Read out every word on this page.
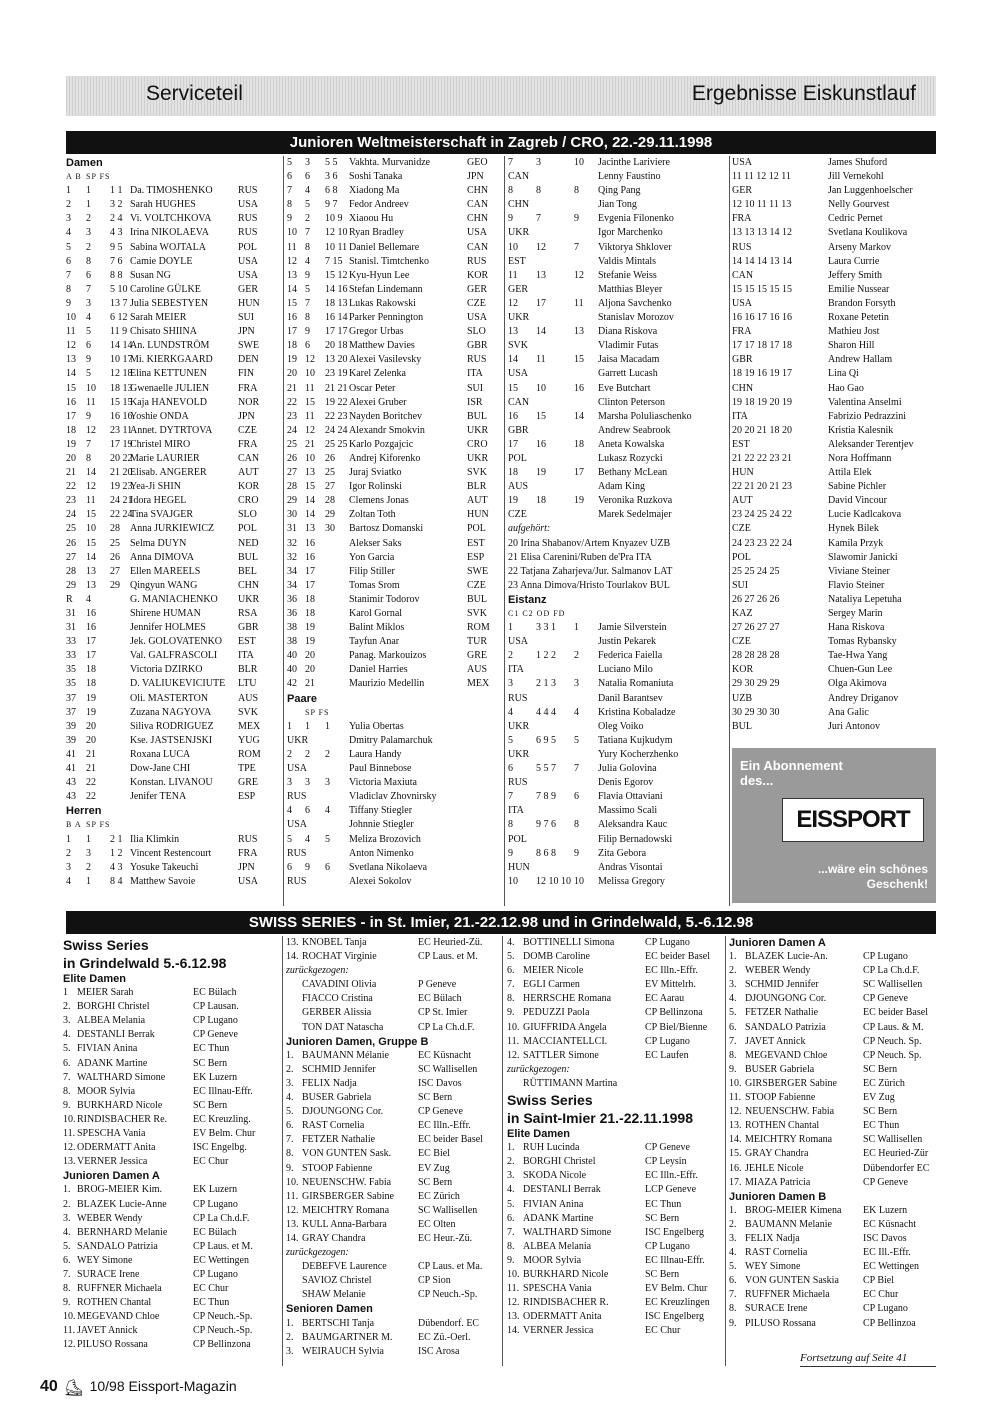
Serviceteil	Ergebnisse Eiskunstlauf
Junioren Weltmeisterschaft in Zagreb / CRO, 22.-29.11.1998
SWISS SERIES - in St. Imier, 21.-22.12.98 und in Grindelwald, 5.-6.12.98
Damen
A B SP FS
1 1 1 1 Da. TIMOSHENKO	RUS
2 1 3 2 Sarah HUGHES	USA
3 2 2 4 Vi. VOLTCHKOVA	RUS
4 3 4 3 Irina NIKOLAEVA	RUS
5 2 9 5 Sabina WOJTALA	POL
6 8 7 6 Camie DOYLE	USA
7 6 8 8 Susan NG	USA
8 7 5 10 Caroline GÜLKE	GER
9 3 13 7 Julia SEBESTYEN	HUN
10 4 6 12 Sarah MEIER	SUI
11 5 11 9 Chisato SHIINA	JPN
12 6 14 14An. LUNDSTRÖM	SWE
13 9 10 17Mi. KIERKGAARD	DEN
14 5 12 18Elina KETTUNEN	FIN
15 10 18 13Gwenaelle JULIEN	FRA
16 11 15 15Kaja HANEVOLD	NOR
17 9 16 16Yoshie ONDA	JPN
18 12 23 11Annet. DYTRTOVA	CZE
19 7 17 19Christel MIRO	FRA
20 8 20 22Marie LAURIER	CAN
21 14 21 20Elisab. ANGERER	AUT
22 12 19 23Yea-Ji SHIN	KOR
23 11 24 21Idora HEGEL	CRO
24 15 22 24Tina SVAJGER	SLO
25 10 28 Anna JURKIEWICZ POL
26 15 25 Selma DUYN	NED
27 14 26 Anna DIMOVA	BUL
28 13 27 Ellen MAREELS	BEL
29 13 29 Qingyun WANG	CHN
R 4	G. MANIACHENKO UKR
31 16	Shirene HUMAN	RSA
31 16	Jennifer HOLMES	GBR
33 17	Jek. GOLOVATENKO EST
33 17	Val. GALFRASCOLI ITA
35 18	Victoria DZIRKO	BLR
35 18	D. VALIUKEVICIUTE LTU
37 19	Oli. MASTERTON	AUS
37 19	Zuzana NAGYOVA	SVK
39 20	Siliva RODRIGUEZ MEX
39 20	Kse. JASTSENJSKI	YUG
41 21	Roxana LUCA	ROM
41 21	Dow-Jane CHI	TPE
43 22	Konstan. LIVANOU	GRE
43 22	Jenifer TENA	ESP
Herren
B A SP FS
1 1 2 1 Ilia Klimkin	RUS
2 3 1 2 Vincent Restencourt	FRA
3 2 4 3 Yosuke Takeuchi	JPN
4 1 8 4 Matthew Savoie	USA
5 3 5 5 Vakhta. Murvanidze	GEO
6 6 3 6 Soshi Tanaka	JPN
7 4 6 8 Xiadong Ma	CHN
8 5 9 7 Fedor Andreev	CAN
9 2 10 9 Xiaoou Hu	CHN
10 7 12 10 Ryan Bradley	USA
11 8 10 11 Daniel Bellemare	CAN
12 4 7 15 Stanisl. Timtchenko	RUS
13 9 15 12 Kyu-Hyun Lee	KOR
14 5 14 16 Stefan Lindemann	GER
15 7 18 13 Lukas Rakowski	CZE
16 8 16 14 Parker Pennington	USA
17 9 17 17 Gregor Urbas	SLO
18 6 20 18 Matthew Davies	GBR
19 12 13 20 Alexei Vasilevsky	RUS
20 10 23 19 Karel Zelenka	ITA
21 11 21 21 Oscar Peter	SUI
22 15 19 22 Alexei Gruber	ISR
23 11 22 23 Nayden Boritchev	BUL
24 12 24 24 Alexandr Smokvin	UKR
25 21 25 25 Karlo Pozgajcic	CRO
26 10 26 Andrej Kiforenko	UKR
27 13 25 Juraj Sviatko	SVK
28 15 27 Igor Rolinski	BLR
29 14 28 Clemens Jonas	AUT
30 14 29 Zoltan Toth	HUN
31 13 30 Bartosz Domanski	POL
32 16	Alekser Saks	EST
32 16	Yon Garcia	ESP
34 17	Filip Stiller	SWE
34 17	Tomas Srom	CZE
36 18	Stanimir Todorov	BUL
36 18	Karol Gornal	SVK
38 19	Balint Miklos	ROM
38 19	Tayfun Anar	TUR
40 20	Panag. Markouizos	GRE
40 20	Daniel Harries	AUS
42 21	Maurizio Medellin	MEX
Paare
SP FS
1 1 1 Yulia Obertas
UKR	Dmitry Palamarchuk
2 2 2 Laura Handy
USA	Paul Binnebose
3 3 3 Victoria Maxiuta
RUS	Vladiclav Zhovnirsky
4 6 4 Tiffany Stiegler
USA	Johnnie Stiegler
5 4 5 Meliza Brozovich
RUS	Anton Nimenko
6 9 6 Svetlana Nikolaeva
RUS	Alexei Sokolov
7 3	10 Jacinthe Lariviere
CAN	Lenny Faustino
8 8	8 Qing Pang
CHN	Jian Tong
9 7	9 Evgenia Filonenko
UKR	Igor Marchenko
10 12	7 Viktorya Shklover
EST	Valdis Mintals
11 13	12 Stefanie Weiss
GER	Matthias Bleyer
12 17	11 Aljona Savchenko
UKR	Stanislav Morozov
13 14	13 Diana Riskova
SVK	Vladimir Futas
14 11	15 Jaisa Macadam
USA	Garrett Lucash
15 10	16 Eve Butchart
CAN	Clinton Peterson
16 15	14 Marsha Poluliaschenko
GBR	Andrew Seabrook
17 16	18 Aneta Kowalska
POL	Lukasz Rozycki
18 19	17 Bethany McLean
AUS	Adam King
19 18	19 Veronika Ruzkova
CZE	Marek Sedelmajer
aufgehört:
20 Irina Shabanov/Artem Knyazev UZB
21 Elisa Carenini/Ruben de'Pra ITA
22 Tatjana Zaharjeva/Jur. Salmanov LAT
23 Anna Dimova/Hristo Tourlakov BUL
Eistanz
C1 C2 OD FD
1 3 3 1 1 Jamie Silverstein
USA	Justin Pekarek
2 1 2 2 2 Federica Faiella
ITA	Luciano Milo
3 2 1 3 3 Natalia Romaniuta
RUS	Danil Barantsev
4 4 4 4 4 Kristina Kobaladze
UKR	Oleg Voiko
5 6 9 5 5 Tatiana Kujkudym
UKR	Yury Kocherzhenko
6 5 5 7 7 Julia Golovina
RUS	Denis Egorov
7 7 8 9 6 Flavia Ottaviani
ITA	Massimo Scali
8 9 7 6 8 Aleksandra Kauc
POL	Filip Bernadowski
9 8 6 8 9 Zita Gebora
HUN	Andras Visontai
10 12 10 10 10 Melissa Gregory
USA	James Shuford
11 11 12 12 11	Jill Vernekohl
GER	Jan Luggenhoelscher
12 10 11 11 13	Nelly Gourvest
FRA	Cedric Pernet
13 13 13 14 12	Svetlana Koulikova
RUS	Arseny Markov
14 14 14 13 14	Laura Currie
CAN	Jeffery Smith
15 15 15 15 15	Emilie Nussear
USA	Brandon Forsyth
16 16 17 16 16	Roxane Petetin
FRA	Mathieu Jost
17 17 18 17 18	Sharon Hill
GBR	Andrew Hallam
18 19 16 19 17	Lina Qi
CHN	Hao Gao
19 18 19 20 19	Valentina Anselmi
ITA	Fabrizio Pedrazzini
20 20 21 18 20	Kristia Kalesnik
EST	Aleksander Terentjev
21 22 22 23 21	Nora Hoffmann
HUN	Attila Elek
22 21 20 21 23	Sabine Pichler
AUT	David Vincour
23 24 25 24 22	Lucie Kadlcakova
CZE	Hynek Bilek
24 23 23 22 24	Kamila Przyk
POL	Slawomir Janicki
25 25 24 25	Viviane Steiner
SUI	Flavio Steiner
26 27 26 26	Nataliya Lepetuha
KAZ	Sergey Marin
27 26 27 27	Hana Riskova
CZE	Tomas Rybansky
28 28 28 28	Tae-Hwa Yang
KOR	Chuen-Gun Lee
29 30 29 29	Olga Akimova
UZB	Andrey Driganov
30 29 30 30	Ana Galic
BUL	Juri Antonov
Ein Abonnement
des...
EISSPORT
...wäre ein schönes
Geschenk!
Swiss Series
in Grindelwald 5.-6.12.98
Elite Damen
1 MEIER Sarah	EC Bülach
2. BORGHI Christel	CP Lausan.
3. ALBEA Melania	CP Lugano
4. DESTANLI Berrak	CP Geneve
5. FIVIAN Anina	EC Thun
6. ADANK Martine	SC Bern
7. WALTHARD Simone	EK Luzern
8. MOOR Sylvia	EC Illnau-Effr.
9. BURKHARD Nicole	SC Bern
10. RINDISBACHER Re.	EC Kreuzling.
11. SPESCHA Vania	EV Belm. Chur
12. ODERMATT Anita	ISC Engelbg.
13. VERNER Jessica	EC Chur
Junioren Damen A
1. BROG-MEIER Kim.	EK Luzern
2. BLAZEK Lucie-Anne	CP Lugano
3. WEBER Wendy	CP La Ch.d.F.
4. BERNHARD Melanie	EC Bülach
5. SANDALO Patrizia	CP Laus. et M.
6. WEY Simone	EC Wettingen
7. SURACE Irene	CP Lugano
8. RUFFNER Michaela	EC Chur
9. ROTHEN Chantal	EC Thun
10. MEGEVAND Chloe	CP Neuch.-Sp.
11. JAVET Annick	CP Neuch.-Sp.
12. PILUSO Rossana	CP Bellinzona
13. KNOBEL Tanja	EC Heuried-Zü.
14. ROCHAT Virginie	CP Laus. et M.
zurückgezogen:
CAVADINI Olivia	P Geneve
FIACCO Cristina	EC Bülach
GERBER Alissia	CP St. Imier
TON DAT Natascha	CP La Ch.d.F.
Junioren Damen, Gruppe B
1. BAUMANN Mélanie	EC Küsnacht
2. SCHMID Jennifer	SC Wallisellen
3. FELIX Nadja	ISC Davos
4. BUSER Gabriela	SC Bern
5. DJOUNGONG Cor.	CP Geneve
6. RAST Cornelia	EC Illn.-Effr.
7. FETZER Nathalie	EC beider Basel
8. VON GUNTEN Sask.	EC Biel
9. STOOP Fabienne	EV Zug
10. NEUENSCHW. Fabia	SC Bern
11. GIRSBERGER Sabine EC Zürich
12. MEICHTRY Romana	SC Wallisellen
13. KULL Anna-Barbara	EC Olten
14. GRAY Chandra	EC Heur.-Zü.
zurückgezogen:
DEBEFVE Laurence	CP Laus. et Ma.
SAVIOZ Christel	CP Sion
SHAW Melanie	CP Neuch.-Sp.
Senioren Damen
1. BERTSCHI Tanja	Dübendorf. EC
2. BAUMGARTNER M.	EC Zü.-Oerl.
3. WEIRAUCH Sylvia	ISC Arosa
4. BOTTINELLI Simona	CP Lugano
5. DOMB Caroline	EC beider Basel
6. MEIER Nicole	EC Illn.-Effr.
7. EGLI Carmen	EV Mittelrh.
8. HERRSCHE Romana	EC Aarau
9. PEDUZZI Paola	CP Bellinzona
10. GIUFFRIDA Angela	CP Biel/Bienne
11. MACCIANTELLCI.	CP Lugano
12. SATTLER Simone	EC Laufen
zurückgezogen:
RÜTTIMANN Martina
Swiss Series
in Saint-Imier 21.-22.11.1998
Elite Damen
1. RUH Lucinda	CP Geneve
2. BORGHI Christel	CP Leysin
3. SKODA Nicole	EC Illn.-Effr.
4. DESTANLI Berrak	LCP Geneve
5. FIVIAN Anina	EC Thun
6. ADANK Martine	SC Bern
7. WALTHARD Simone	ISC Engelberg
8. ALBEA Melania	CP Lugano
9. MOOR Sylvia	EC Illnau-Effr.
10. BURKHARD Nicole	SC Bern
11. SPESCHA Vania	EV Belm. Chur
12. RINDISBACHER R.	EC Kreuzlingen
13. ODERMATT Anita	ISC Engelberg
14. VERNER Jessica	EC Chur
Junioren Damen A
1. BLAZEK Lucie-An.	CP Lugano
2. WEBER Wendy	CP La Ch.d.F.
3. SCHMID Jennifer	SC Wallisellen
4. DJOUNGONG Cor.	CP Geneve
5. FETZER Nathalie	EC beider Basel
6. SANDALO Patrizia	CP Laus. & M.
7. JAVET Annick	CP Neuch. Sp.
8. MEGEVAND Chloe	CP Neuch. Sp.
9. BUSER Gabriela	SC Bern
10. GIRSBERGER Sabine	EC Zürich
11. STOOP Fabienne	EV Zug
12. NEUENSCHW. Fabia	SC Bern
13. ROTHEN Chantal	EC Thun
14. MEICHTRY Romana	SC Wallisellen
15. GRAY Chandra	EC Heuried-Zür
16. JEHLE Nicole	Dübendorfer EC
17. MIAZA Patricia	CP Geneve
Junioren Damen B
1. BROG-MEIER Kimena EK Luzern
2. BAUMANN Melanie	EC Küsnacht
3. FELIX Nadja	ISC Davos
4. RAST Cornelia	EC Ill.-Effr.
5. WEY Simone	EC Wettingen
6. VON GUNTEN Saskia CP Biel
7. RUFFNER Michaela	EC Chur
8. SURACE Irene	CP Lugano
9. PILUSO Rossana	CP Bellinzoa
Fortsetzung auf Seite 41
40 ⛸ 10/98 Eissport-Magazin
